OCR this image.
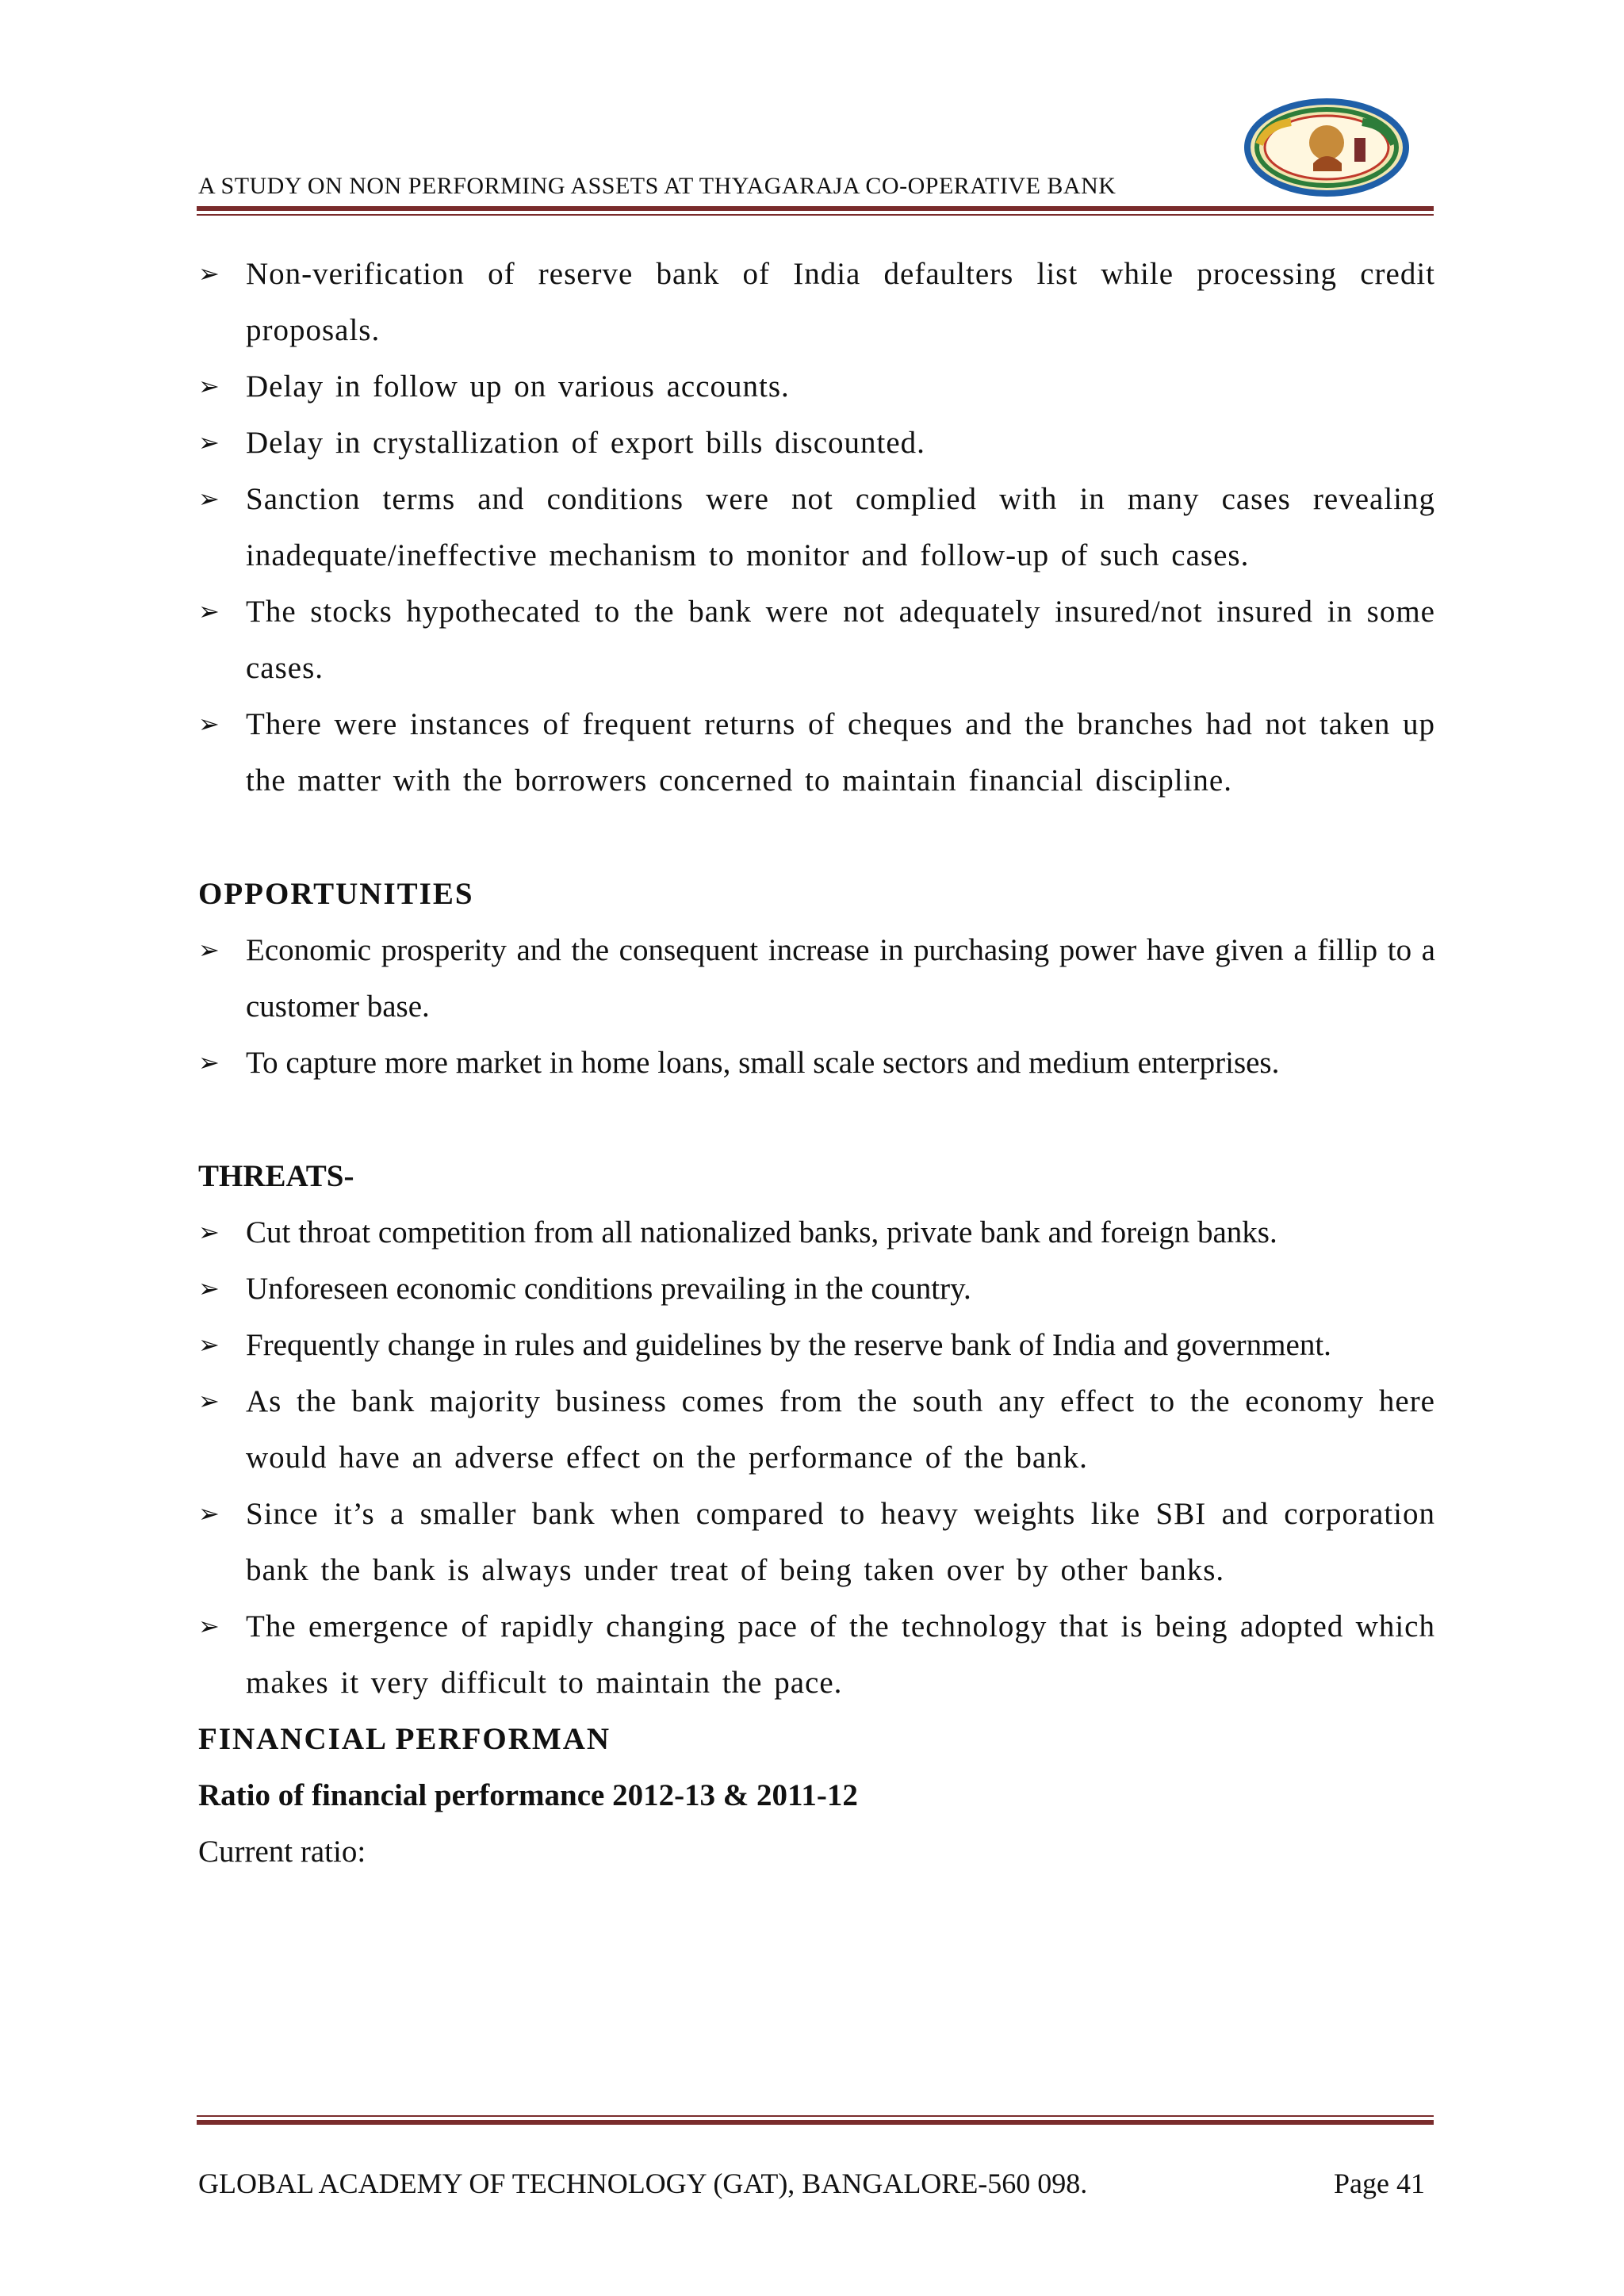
A STUDY ON NON PERFORMING ASSETS AT THYAGARAJA CO-OPERATIVE BANK
➢ Non-verification of reserve bank of India defaulters list while processing credit proposals.
➢ Delay in follow up on various accounts.
➢ Delay in crystallization of export bills discounted.
➢ Sanction terms and conditions were not complied with in many cases revealing inadequate/ineffective mechanism to monitor and follow-up of such cases.
➢ The stocks hypothecated to the bank were not adequately insured/not insured in some cases.
➢ There were instances of frequent returns of cheques and the branches had not taken up the matter with the borrowers concerned to maintain financial discipline.
OPPORTUNITIES
➢ Economic prosperity and the consequent increase in purchasing power have given a fillip to a customer base.
➢ To capture more market in home loans, small scale sectors and medium enterprises.
THREATS-
➢ Cut throat competition from all nationalized banks, private bank and foreign banks.
➢ Unforeseen economic conditions prevailing in the country.
➢ Frequently change in rules and guidelines by the reserve bank of India and government.
➢ As the bank majority business comes from the south any effect to the economy here would have an adverse effect on the performance of the bank.
➢ Since it’s a smaller bank when compared to heavy weights like SBI and corporation bank the bank is always under treat of being taken over by other banks.
➢ The emergence of rapidly changing pace of the technology that is being adopted which makes it very difficult to maintain the pace.
FINANCIAL PERFORMAN
Ratio of financial performance 2012-13 & 2011-12
Current ratio:
GLOBAL ACADEMY OF TECHNOLOGY (GAT), BANGALORE-560 098.	Page 41
